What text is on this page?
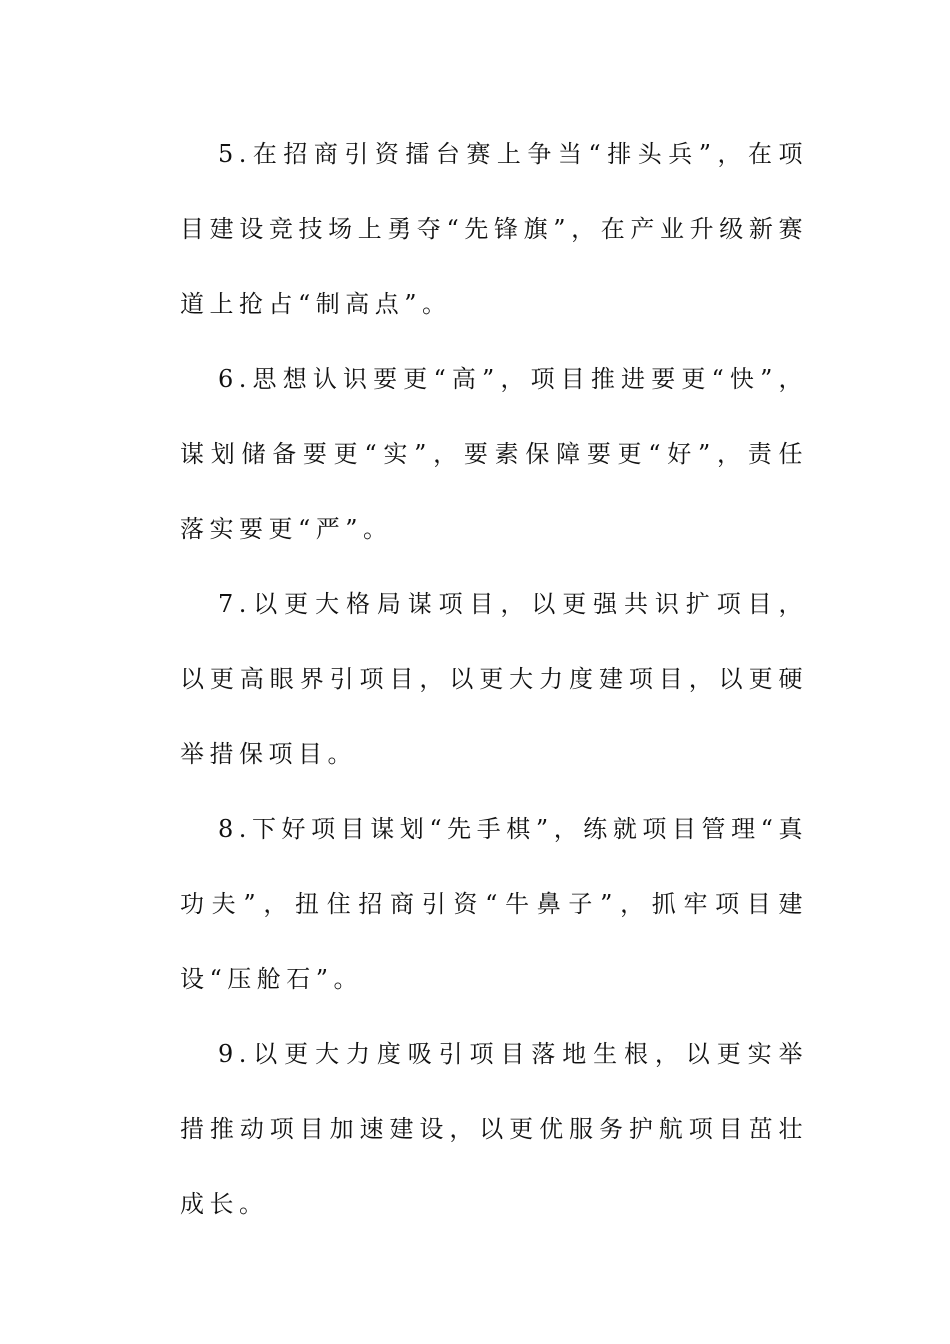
5.在招商引资擂台赛上争当“排头兵”，在项目建设竞技场上勇夺“先锋旗”，在产业升级新赛道上抢占“制高点”。

6.思想认识要更“高”，项目推进要更“快”，谋划储备要更“实”，要素保障要更“好”，责任落实要更“严”。

7.以更大格局谋项目，以更强共识扩项目，以更高眼界引项目，以更大力度建项目，以更硬举措保项目。

8.下好项目谋划“先手棋”，练就项目管理“真功夫”，扭住招商引资“牛鼻子”，抓牢项目建设“压舱石”。

9.以更大力度吸引项目落地生根，以更实举措推动项目加速建设，以更优服务护航项目茁壮成长。
